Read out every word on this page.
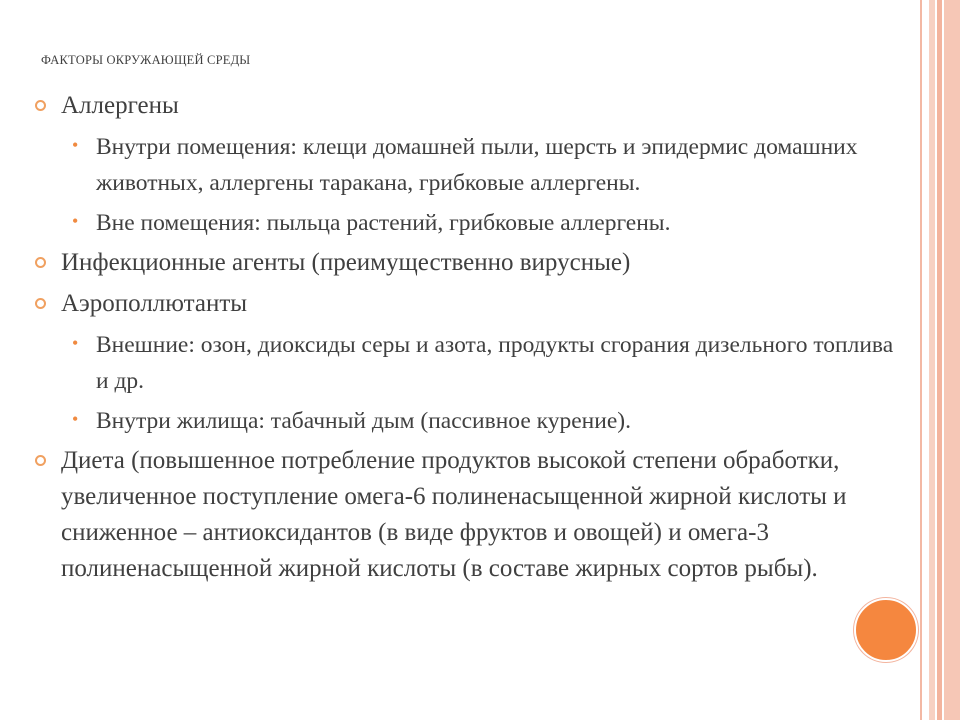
ФАКТОРЫ ОКРУЖАЮЩЕЙ СРЕДЫ
Аллергены
• Внутри помещения: клещи домашней пыли, шерсть и эпидермис домашних животных, аллергены таракана, грибковые аллергены.
• Вне помещения: пыльца растений, грибковые аллергены.
Инфекционные агенты (преимущественно вирусные)
Аэрополлютанты
• Внешние: озон, диоксиды серы и азота, продукты сгорания дизельного топлива и др.
• Внутри жилища: табачный дым (пассивное курение).
Диета (повышенное потребление продуктов высокой степени обработки, увеличенное поступление омега-6 полиненасыщенной жирной кислоты и сниженное – антиоксидантов (в виде фруктов и овощей) и омега-3 полиненасыщенной жирной кислоты (в составе жирных сортов рыбы).
